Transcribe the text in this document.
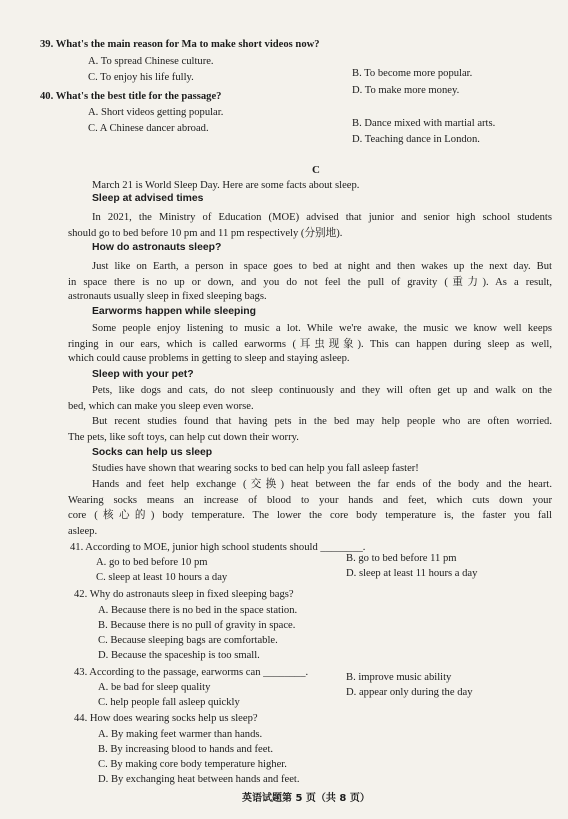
39. What's the main reason for Ma to make short videos now?
A. To spread Chinese culture.
B. To become more popular.
C. To enjoy his life fully.
D. To make more money.
40. What's the best title for the passage?
A. Short videos getting popular.
B. Dance mixed with martial arts.
C. A Chinese dancer abroad.
D. Teaching dance in London.
C
March 21 is World Sleep Day. Here are some facts about sleep.
Sleep at advised times
In 2021, the Ministry of Education (MOE) advised that junior and senior high school students
should go to bed before 10 pm and 11 pm respectively (分别地).
How do astronauts sleep?
Just like on Earth, a person in space goes to bed at night and then wakes up the next day. But
in space there is no up or down, and you do not feel the pull of gravity (重力). As a result,
astronauts usually sleep in fixed sleeping bags.
Earworms happen while sleeping
Some people enjoy listening to music a lot. While we're awake, the music we know well keeps
ringing in our ears, which is called earworms (耳虫现象). This can happen during sleep as well,
which could cause problems in getting to sleep and staying asleep.
Sleep with your pet?
Pets, like dogs and cats, do not sleep continuously and they will often get up and walk on the
bed, which can make you sleep even worse.
But recent studies found that having pets in the bed may help people who are often worried.
The pets, like soft toys, can help cut down their worry.
Socks can help us sleep
Studies have shown that wearing socks to bed can help you fall asleep faster!
Hands and feet help exchange (交换) heat between the far ends of the body and the heart.
Wearing socks means an increase of blood to your hands and feet, which cuts down your
core (核心的) body temperature. The lower the core body temperature is, the faster you fall
asleep.
41. According to MOE, junior high school students should ________.
A. go to bed before 10 pm	B. go to bed before 11 pm
C. sleep at least 10 hours a day	D. sleep at least 11 hours a day
42. Why do astronauts sleep in fixed sleeping bags?
A. Because there is no bed in the space station.
B. Because there is no pull of gravity in space.
C. Because sleeping bags are comfortable.
D. Because the spaceship is too small.
43. According to the passage, earworms can ________.
A. be bad for sleep quality
B. improve music ability
C. help people fall asleep quickly
D. appear only during the day
44. How does wearing socks help us sleep?
A. By making feet warmer than hands.
B. By increasing blood to hands and feet.
C. By making core body temperature higher.
D. By exchanging heat between hands and feet.
英语试题第 5 页（共 8 页）
